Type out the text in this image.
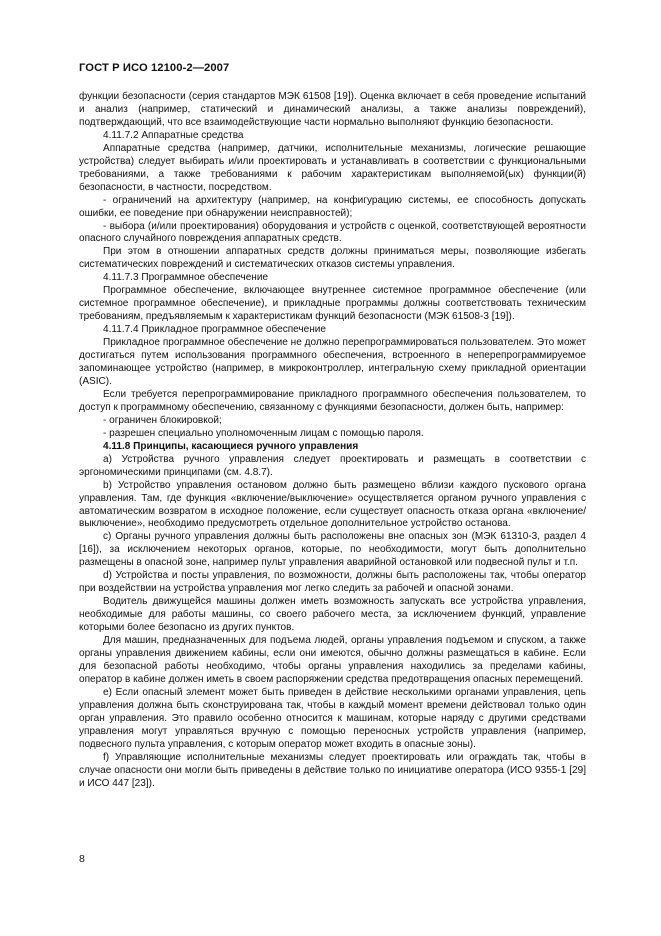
ГОСТ Р ИСО 12100-2—2007

функции безопасности (серия стандартов МЭК 61508 [19]). Оценка включает в себя проведение испытаний и анализ (например, статический и динамический анализы, а также анализы повреждений), подтверждающий, что все взаимодействующие части нормально выполняют функцию безопасности.

4.11.7.2 Аппаратные средства

Аппаратные средства (например, датчики, исполнительные механизмы, логические решающие устройства) следует выбирать и/или проектировать и устанавливать в соответствии с функциональными требованиями, а также требованиями к рабочим характеристикам выполняемой(ых) функции(й) безопасности, в частности, посредством.

- ограничений на архитектуру (например, на конфигурацию системы, ее способность допускать ошибки, ее поведение при обнаружении неисправностей);

- выбора (и/или проектирования) оборудования и устройств с оценкой, соответствующей вероятности опасного случайного повреждения аппаратных средств.

При этом в отношении аппаратных средств должны приниматься меры, позволяющие избегать систематических повреждений и систематических отказов системы управления.

4.11.7.3 Программное обеспечение

Программное обеспечение, включающее внутреннее системное программное обеспечение (или системное программное обеспечение), и прикладные программы должны соответствовать техническим требованиям, предъявляемым к характеристикам функций безопасности (МЭК 61508-3 [19]).

4.11.7.4 Прикладное программное обеспечение

Прикладное программное обеспечение не должно перепрограммироваться пользователем. Это может достигаться путем использования программного обеспечения, встроенного в неперепрограммируемое запоминающее устройство (например, в микроконтроллер, интегральную схему прикладной ориентации (ASIC).

Если требуется перепрограммирование прикладного программного обеспечения пользователем, то доступ к программному обеспечению, связанному с функциями безопасности, должен быть, например:

- ограничен блокировкой;

- разрешен специально уполномоченным лицам с помощью пароля.

4.11.8 Принципы, касающиеся ручного управления

а) Устройства ручного управления следует проектировать и размещать в соответствии с эргономическими принципами (см. 4.8.7).

b) Устройство управления остановом должно быть размещено вблизи каждого пускового органа управления. Там, где функция «включение/выключение» осуществляется органом ручного управления с автоматическим возвратом в исходное положение, если существует опасность отказа органа «включение/выключение», необходимо предусмотреть отдельное дополнительное устройство останова.

с) Органы ручного управления должны быть расположены вне опасных зон (МЭК 61310-3, раздел 4 [16]), за исключением некоторых органов, которые, по необходимости, могут быть дополнительно размещены в опасной зоне, например пульт управления аварийной остановкой или подвесной пульт и т.п.

d) Устройства и посты управления, по возможности, должны быть расположены так, чтобы оператор при воздействии на устройства управления мог легко следить за рабочей и опасной зонами.

Водитель движущейся машины должен иметь возможность запускать все устройства управления, необходимые для работы машины, со своего рабочего места, за исключением функций, управление которыми более безопасно из других пунктов.

Для машин, предназначенных для подъема людей, органы управления подъемом и спуском, а также органы управления движением кабины, если они имеются, обычно должны размещаться в кабине. Если для безопасной работы необходимо, чтобы органы управления находились за пределами кабины, оператор в кабине должен иметь в своем распоряжении средства предотвращения опасных перемещений.

е) Если опасный элемент может быть приведен в действие несколькими органами управления, цепь управления должна быть сконструирована так, чтобы в каждый момент времени действовал только один орган управления. Это правило особенно относится к машинам, которые наряду с другими средствами управления могут управляться вручную с помощью переносных устройств управления (например, подвесного пульта управления, с которым оператор может входить в опасные зоны).

f) Управляющие исполнительные механизмы следует проектировать или ограждать так, чтобы в случае опасности они могли быть приведены в действие только по инициативе оператора (ИСО 9355-1 [29] и ИСО 447 [23]).

8
